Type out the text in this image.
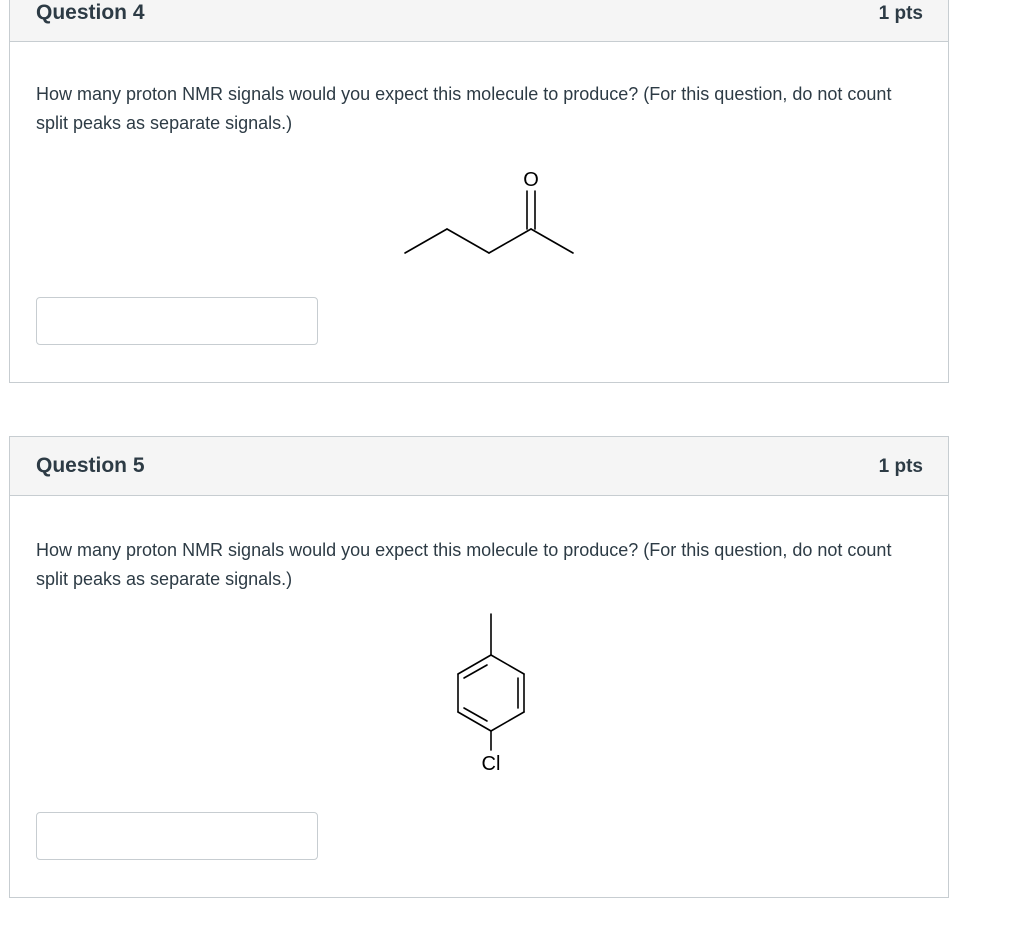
Question 4	1 pts
How many proton NMR signals would you expect this molecule to produce? (For this question, do not count split peaks as separate signals.)
O
Question 5	1 pts
How many proton NMR signals would you expect this molecule to produce? (For this question, do not count split peaks as separate signals.)
Cl
